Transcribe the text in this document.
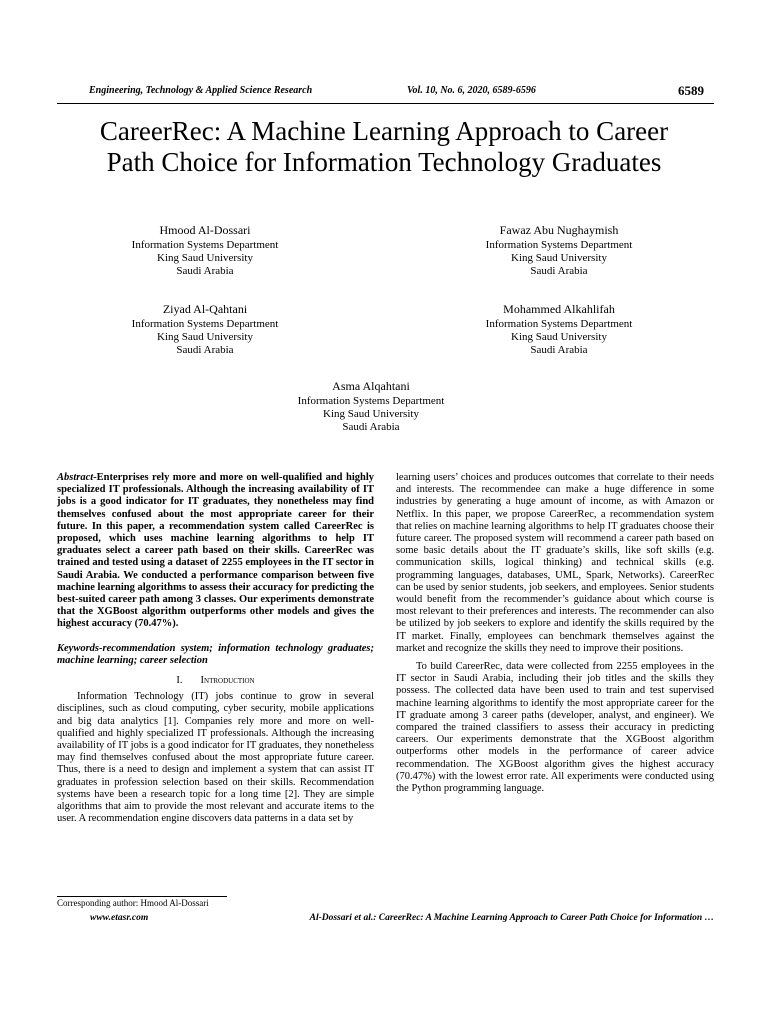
Engineering, Technology & Applied Science Research	Vol. 10, No. 6, 2020, 6589-6596	6589
CareerRec: A Machine Learning Approach to Career
Path Choice for Information Technology Graduates
Hmood Al-Dossari
Information Systems Department
King Saud University
Saudi Arabia
Fawaz Abu Nughaymish
Information Systems Department
King Saud University
Saudi Arabia
Ziyad Al-Qahtani
Information Systems Department
King Saud University
Saudi Arabia
Mohammed Alkahlifah
Information Systems Department
King Saud University
Saudi Arabia
Asma Alqahtani
Information Systems Department
King Saud University
Saudi Arabia

Abstract-Enterprises rely more and more on well-qualified and highly specialized IT professionals. Although the increasing availability of IT jobs is a good indicator for IT graduates, they nonetheless may find themselves confused about the most appropriate career for their future. In this paper, a recommendation system called CareerRec is proposed, which uses machine learning algorithms to help IT graduates select a career path based on their skills. CareerRec was trained and tested using a dataset of 2255 employees in the IT sector in Saudi Arabia. We conducted a performance comparison between five machine learning algorithms to assess their accuracy for predicting the best-suited career path among 3 classes. Our experiments demonstrate that the XGBoost algorithm outperforms other models and gives the highest accuracy (70.47%).

Keywords-recommendation system; information technology graduates; machine learning; career selection

I. Introduction

Information Technology (IT) jobs continue to grow in several disciplines, such as cloud computing, cyber security, mobile applications and big data analytics [1]. Companies rely more and more on well-qualified and highly specialized IT professionals. Although the increasing availability of IT jobs is a good indicator for IT graduates, they nonetheless may find themselves confused about the most appropriate future career. Thus, there is a need to design and implement a system that can assist IT graduates in profession selection based on their skills. Recommendation systems have been a research topic for a long time [2]. They are simple algorithms that aim to provide the most relevant and accurate items to the user. A recommendation engine discovers data patterns in a data set by

learning users’ choices and produces outcomes that correlate to their needs and interests. The recommendee can make a huge difference in some industries by generating a huge amount of income, as with Amazon or Netflix. In this paper, we propose CareerRec, a recommendation system that relies on machine learning algorithms to help IT graduates choose their future career. The proposed system will recommend a career path based on some basic details about the IT graduate’s skills, like soft skills (e.g. communication skills, logical thinking) and technical skills (e.g. programming languages, databases, UML, Spark, Networks). CareerRec can be used by senior students, job seekers, and employees. Senior students would benefit from the recommender’s guidance about which course is most relevant to their preferences and interests. The recommender can also be utilized by job seekers to explore and identify the skills required by the IT market. Finally, employees can benchmark themselves against the market and recognize the skills they need to improve their positions.

To build CareerRec, data were collected from 2255 employees in the IT sector in Saudi Arabia, including their job titles and the skills they possess. The collected data have been used to train and test supervised machine learning algorithms to identify the most appropriate career for the IT graduate among 3 career paths (developer, analyst, and engineer). We compared the trained classifiers to assess their accuracy in predicting careers. Our experiments demonstrate that the XGBoost algorithm outperforms other models in the performance of career advice recommendation. The XGBoost algorithm gives the highest accuracy (70.47%) with the lowest error rate. All experiments were conducted using the Python programming language.

Corresponding author: Hmood Al-Dossari
www.etasr.com	Al-Dossari et al.: CareerRec: A Machine Learning Approach to Career Path Choice for Information …
